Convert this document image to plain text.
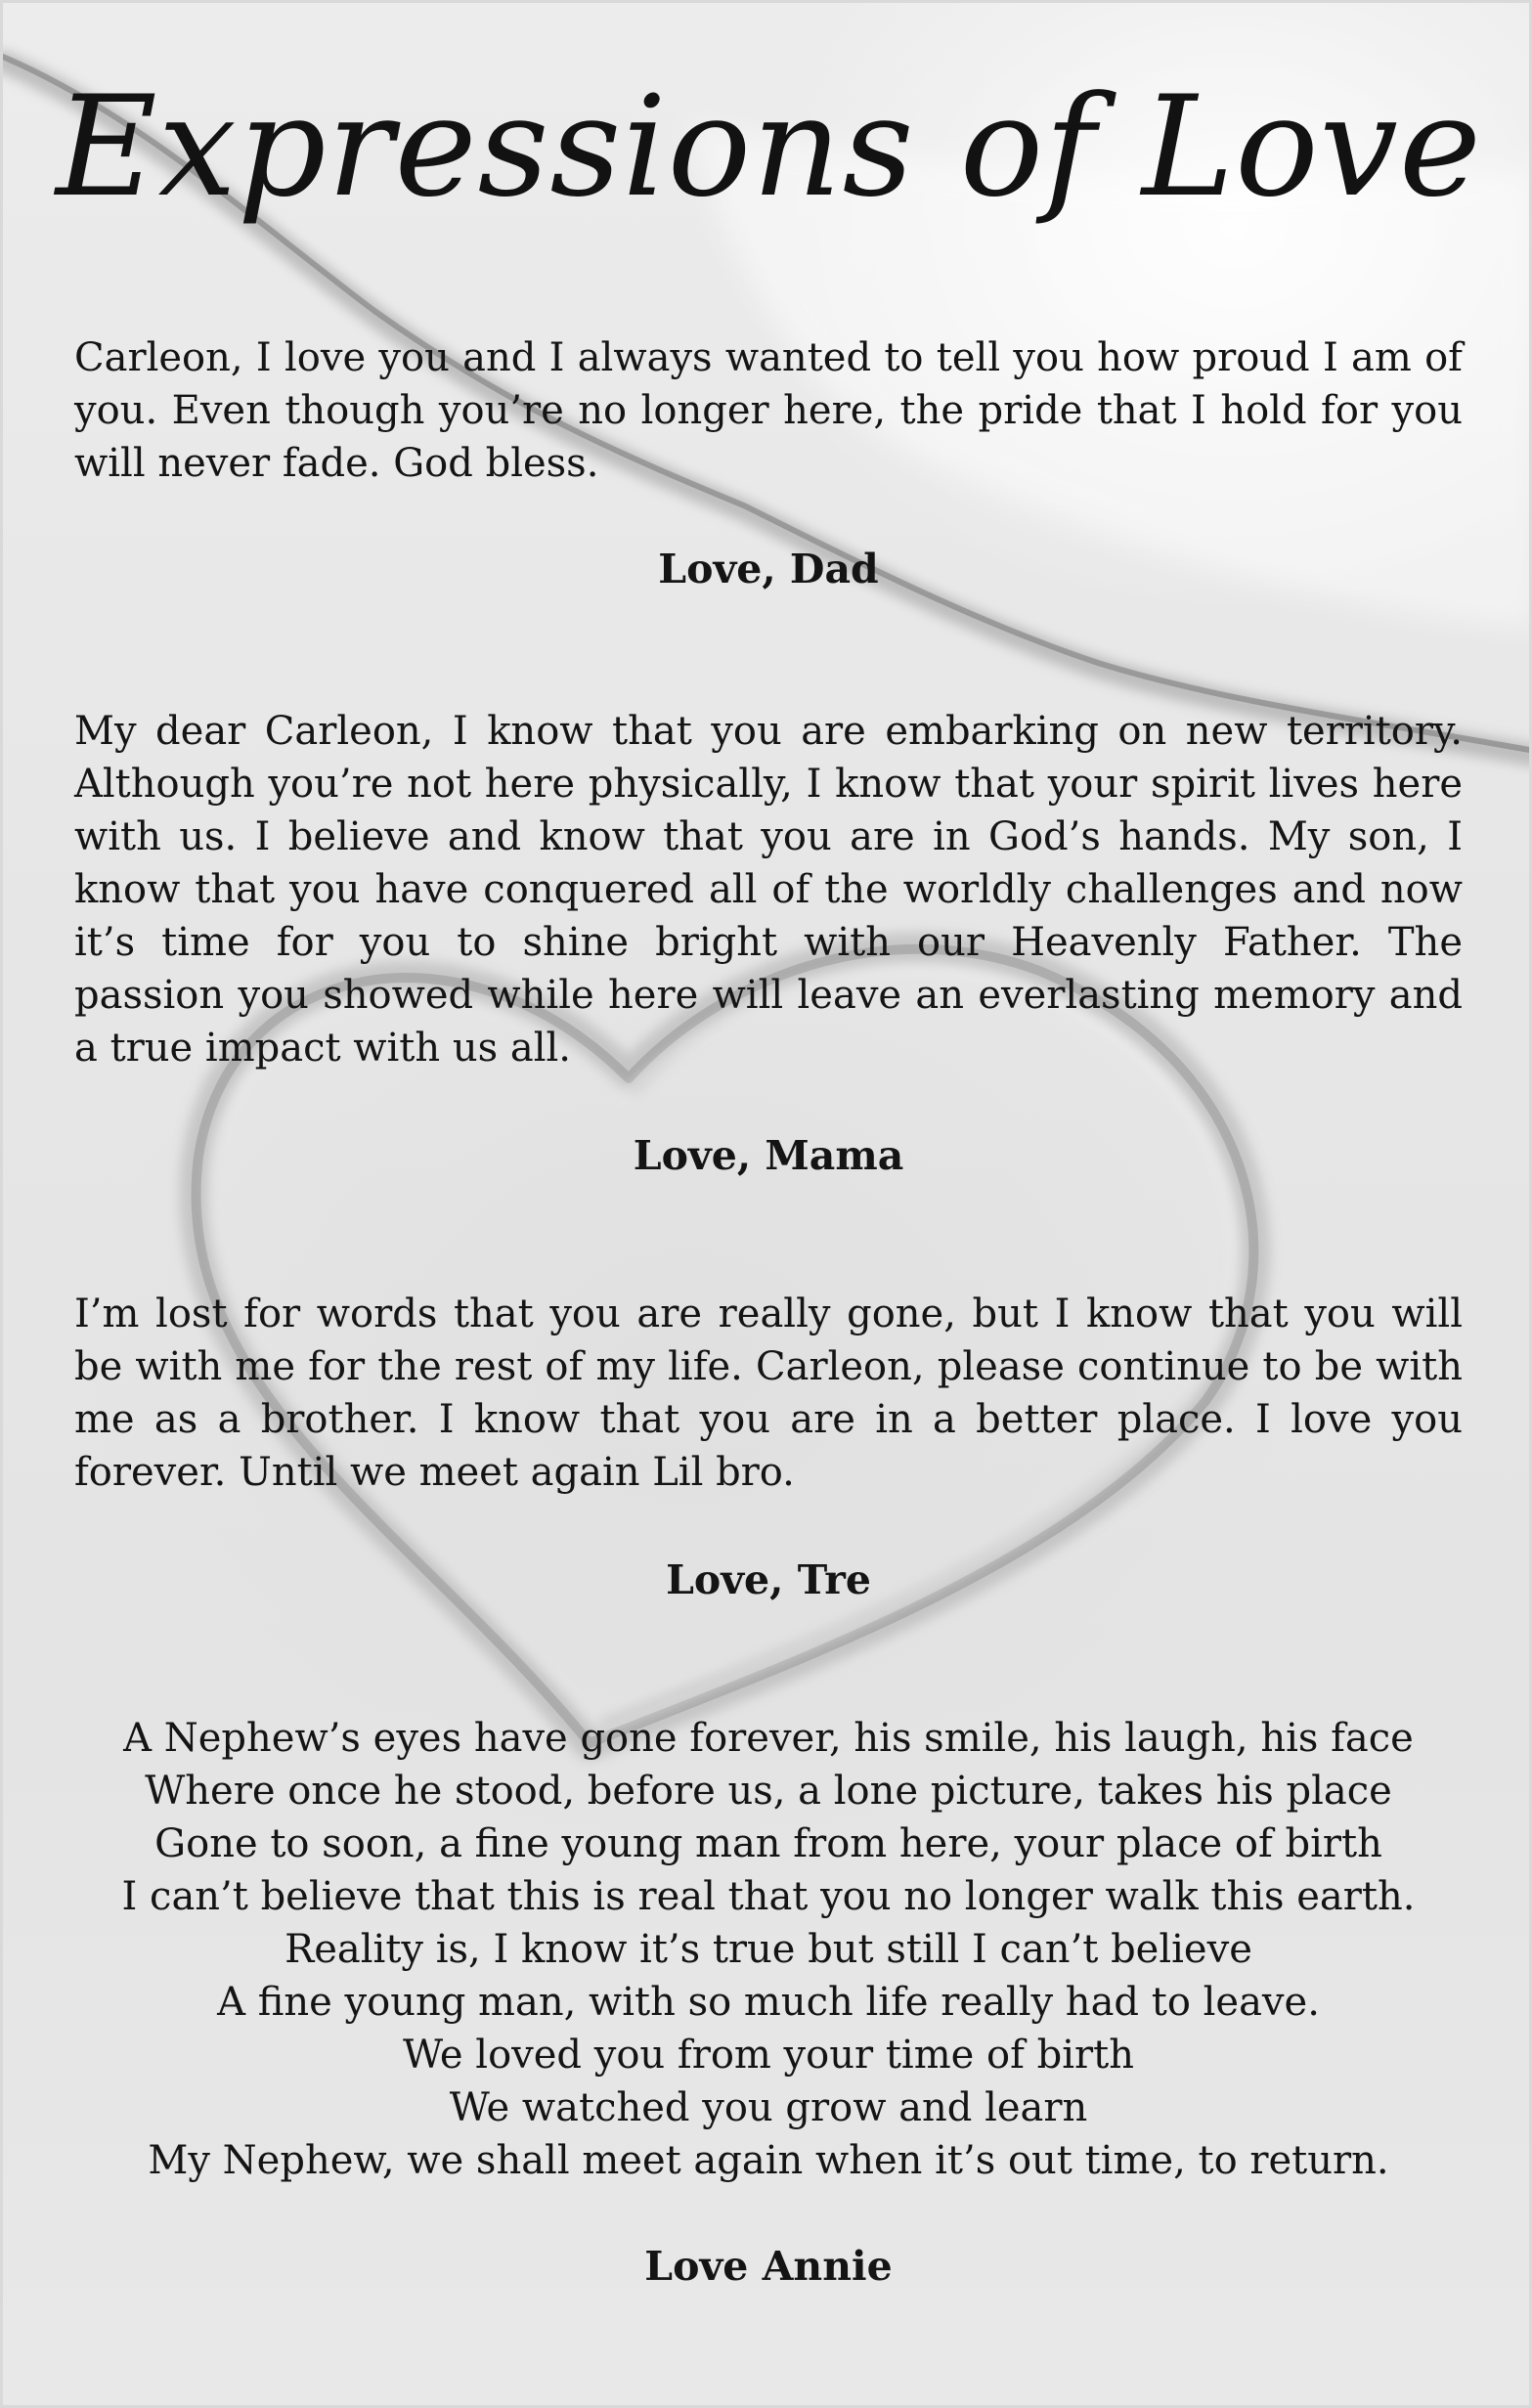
Expressions of Love

Carleon, I love you and I always wanted to tell you how proud I am of you. Even though you’re no longer here, the pride that I hold for you will never fade. God bless.

Love, Dad

My dear Carleon, I know that you are embarking on new territory. Although you’re not here physically, I know that your spirit lives here with us. I believe and know that you are in God’s hands. My son, I know that you have conquered all of the worldly challenges and now it’s time for you to shine bright with our Heavenly Father. The passion you showed while here will leave an everlasting memory and a true impact with us all.

Love, Mama

I’m lost for words that you are really gone, but I know that you will be with me for the rest of my life. Carleon, please continue to be with me as a brother. I know that you are in a better place. I love you forever. Until we meet again Lil bro.

Love, Tre

A Nephew’s eyes have gone forever, his smile, his laugh, his face
Where once he stood, before us, a lone picture, takes his place
Gone to soon, a fine young man from here, your place of birth
I can’t believe that this is real that you no longer walk this earth.
Reality is, I know it’s true but still I can’t believe
A fine young man, with so much life really had to leave.
We loved you from your time of birth
We watched you grow and learn
My Nephew, we shall meet again when it’s out time, to return.

Love Annie
